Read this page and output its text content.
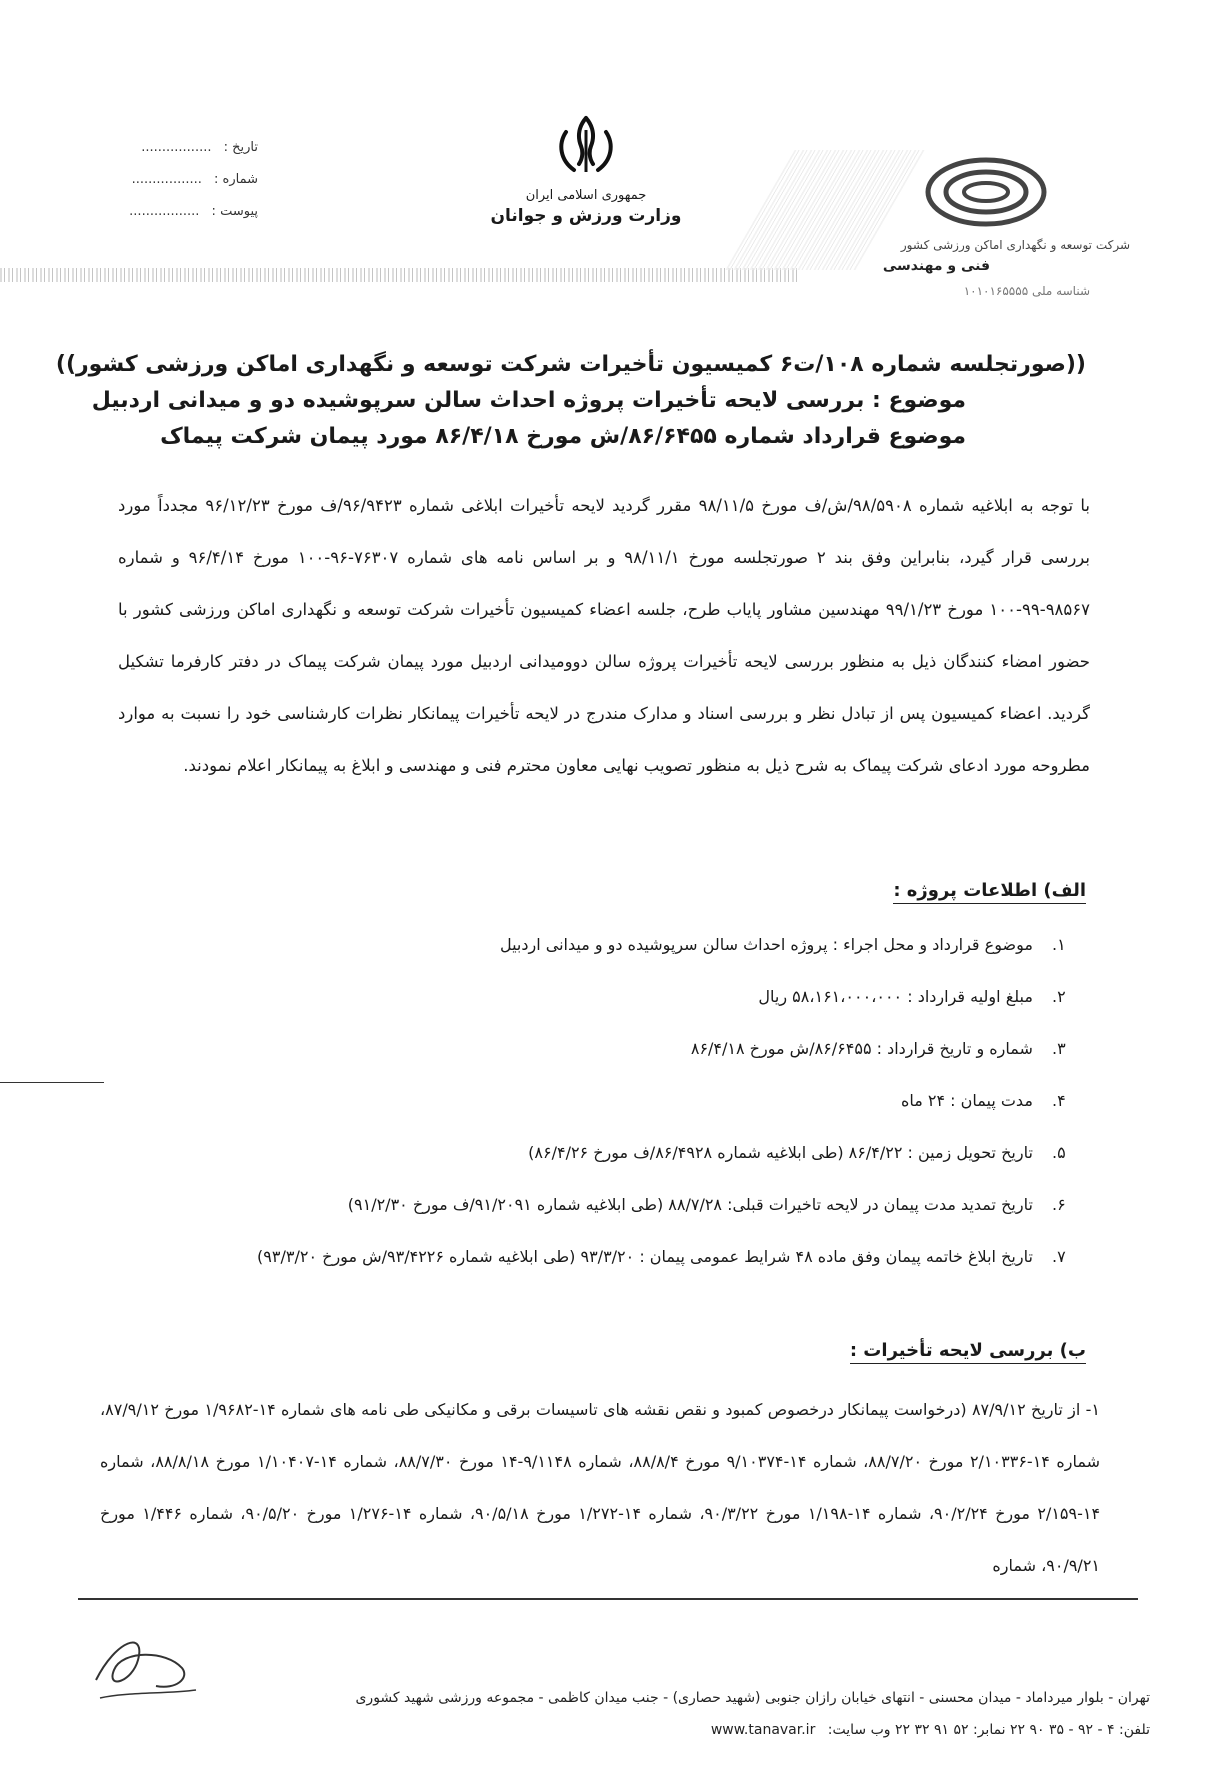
تاریخ : .................
شماره : .................
پیوست : .................
جمهوری اسلامی ایران
وزارت ورزش و جوانان
شرکت توسعه و نگهداری اماکن ورزشی کشور
فنی و مهندسی
شناسه ملی ۱۰۱۰۱۶۵۵۵۵
((صورتجلسه شماره ۱۰۸/ت۶ کمیسیون تأخیرات شرکت توسعه و نگهداری اماکن ورزشی کشور))
موضوع : بررسی لایحه تأخیرات پروژه احداث سالن سرپوشیده دو و میدانی اردبیل
موضوع قرارداد شماره ۸۶/۶۴۵۵/ش مورخ ۸۶/۴/۱۸ مورد پیمان شرکت پیماک
با توجه به ابلاغیه شماره ۹۸/۵۹۰۸/ش/ف مورخ ۹۸/۱۱/۵ مقرر گردید لایحه تأخیرات ابلاغی شماره ۹۶/۹۴۲۳/ف مورخ ۹۶/۱۲/۲۳ مجدداً مورد بررسی قرار گیرد، بنابراین وفق بند ۲ صورتجلسه مورخ ۹۸/۱۱/۱ و بر اساس نامه های شماره ۷۶۳۰۷-۹۶-۱۰۰ مورخ ۹۶/۴/۱۴ و شماره ۹۸۵۶۷-۹۹-۱۰۰ مورخ ۹۹/۱/۲۳ مهندسین مشاور پایاب طرح، جلسه اعضاء کمیسیون تأخیرات شرکت توسعه و نگهداری اماکن ورزشی کشور با حضور امضاء کنندگان ذیل به منظور بررسی لایحه تأخیرات پروژه سالن دوومیدانی اردبیل مورد پیمان شرکت پیماک در دفتر کارفرما تشکیل گردید. اعضاء کمیسیون پس از تبادل نظر و بررسی اسناد و مدارک مندرج در لایحه تأخیرات پیمانکار نظرات کارشناسی خود را نسبت به موارد مطروحه مورد ادعای شرکت پیماک به شرح ذیل به منظور تصویب نهایی معاون محترم فنی و مهندسی و ابلاغ به پیمانکار اعلام نمودند.
الف) اطلاعات پروژه :
۱. موضوع قرارداد و محل اجراء : پروژه احداث سالن سرپوشیده دو و میدانی اردبیل
۲. مبلغ اولیه قرارداد : ۵۸،۱۶۱،۰۰۰،۰۰۰ ریال
۳. شماره و تاریخ قرارداد : ۸۶/۶۴۵۵/ش مورخ ۸۶/۴/۱۸
۴. مدت پیمان : ۲۴ ماه
۵. تاریخ تحویل زمین : ۸۶/۴/۲۲ (طی ابلاغیه شماره ۸۶/۴۹۲۸/ف مورخ ۸۶/۴/۲۶)
۶. تاریخ تمدید مدت پیمان در لایحه تاخیرات قبلی: ۸۸/۷/۲۸ (طی ابلاغیه شماره ۹۱/۲۰۹۱/ف مورخ ۹۱/۲/۳۰)
۷. تاریخ ابلاغ خاتمه پیمان وفق ماده ۴۸ شرایط عمومی پیمان : ۹۳/۳/۲۰ (طی ابلاغیه شماره ۹۳/۴۲۲۶/ش مورخ ۹۳/۳/۲۰)
ب) بررسی لایحه تأخیرات :
۱- از تاریخ ۸۷/۹/۱۲ (درخواست پیمانکار درخصوص کمبود و نقص نقشه های تاسیسات برقی و مکانیکی طی نامه های شماره ۱۴-۱/۹۶۸۲ مورخ ۸۷/۹/۱۲، شماره ۱۴-۲/۱۰۳۳۶ مورخ ۸۸/۷/۲۰، شماره ۱۴-۹/۱۰۳۷۴ مورخ ۸۸/۸/۴، شماره ۹/۱۱۴۸-۱۴ مورخ ۸۸/۷/۳۰، شماره ۱۴-۱/۱۰۴۰۷ مورخ ۸۸/۸/۱۸، شماره ۱۴-۲/۱۵۹ مورخ ۹۰/۲/۲۴، شماره ۱۴-۱/۱۹۸ مورخ ۹۰/۳/۲۲، شماره ۱۴-۱/۲۷۲ مورخ ۹۰/۵/۱۸، شماره ۱۴-۱/۲۷۶ مورخ ۹۰/۵/۲۰، شماره ۱/۴۴۶ مورخ ۹۰/۹/۲۱، شماره
تهران - بلوار میرداماد - میدان محسنی - انتهای خیابان رازان جنوبی (شهید حصاری) - جنب میدان کاظمی - مجموعه ورزشی شهید کشوری
تلفن: ۴ - ۹۲ - ۳۵ ۹۰ ۲۲ نمابر: ۵۲ ۹۱ ۳۲ ۲۲ وب سایت: www.tanavar.ir
